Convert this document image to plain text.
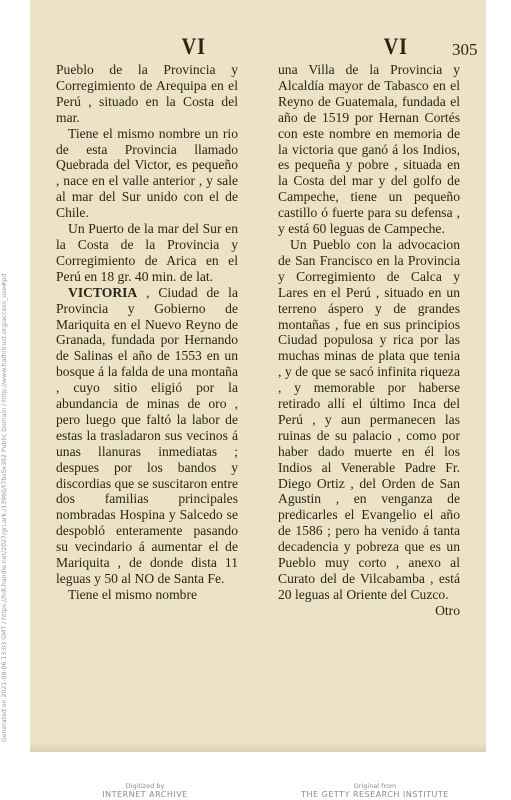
VI	VI	305
Generated on 2021-09-06 13:03 GMT / https://hdl.handle.net/2027/gri.ark:/13960/t7bs5x392 Public Domain / http://www.hathitrust.org/access_use#pd

Pueblo de la Provincia y Corregimiento de Arequipa en el Perú , situado en la Costa del mar.

Tiene el mismo nombre un rio de esta Provincia llamado Quebrada del Victor, es pequeño , nace en el valle anterior , y sale al mar del Sur unido con el de Chile.

Un Puerto de la mar del Sur en la Costa de la Provincia y Corregimiento de Arica en el Perú en 18 gr. 40 min. de lat.

VICTORIA , Ciudad de la Provincia y Gobierno de Mariquita en el Nuevo Reyno de Granada, fundada por Hernando de Salinas el año de 1553 en un bosque á la falda de una montaña , cuyo sitio eligió por la abundancia de minas de oro , pero luego que faltó la labor de estas la trasladaron sus vecinos á unas llanuras inmediatas ; despues por los bandos y discordias que se suscitaron entre dos familias principales nombradas Hospina y Salcedo se despobló enteramente pasando su vecindario á aumentar el de Mariquita , de donde dista 11 leguas y 50 al NO de Santa Fe.

Tiene el mismo nombre

una Villa de la Provincia y Alcaldía mayor de Tabasco en el Reyno de Guatemala, fundada el año de 1519 por Hernan Cortés con este nombre en memoria de la victoria que ganó á los Indios, es pequeña y pobre , situada en la Costa del mar y del golfo de Campeche, tiene un pequeño castillo ó fuerte para su defensa , y está 60 leguas de Campeche.

Un Pueblo con la advocacion de San Francisco en la Provincia y Corregimiento de Calca y Lares en el Perú , situado en un terreno áspero y de grandes montañas , fue en sus principios Ciudad populosa y rica por las muchas minas de plata que tenia , y de que se sacó infinita riqueza , y memorable por haberse retirado allí el último Inca del Perú , y aun permanecen las ruinas de su palacio , como por haber dado muerte en él los Indios al Venerable Padre Fr. Diego Ortiz , del Orden de San Agustin , en venganza de predicarles el Evangelio el año de 1586 ; pero ha venido á tanta decadencia y pobreza que es un Pueblo muy corto , anexo al Curato del de Vilcabamba , está 20 leguas al Oriente del Cuzco.

Otro

Digitized by
INTERNET ARCHIVE
Original from
THE GETTY RESEARCH INSTITUTE
